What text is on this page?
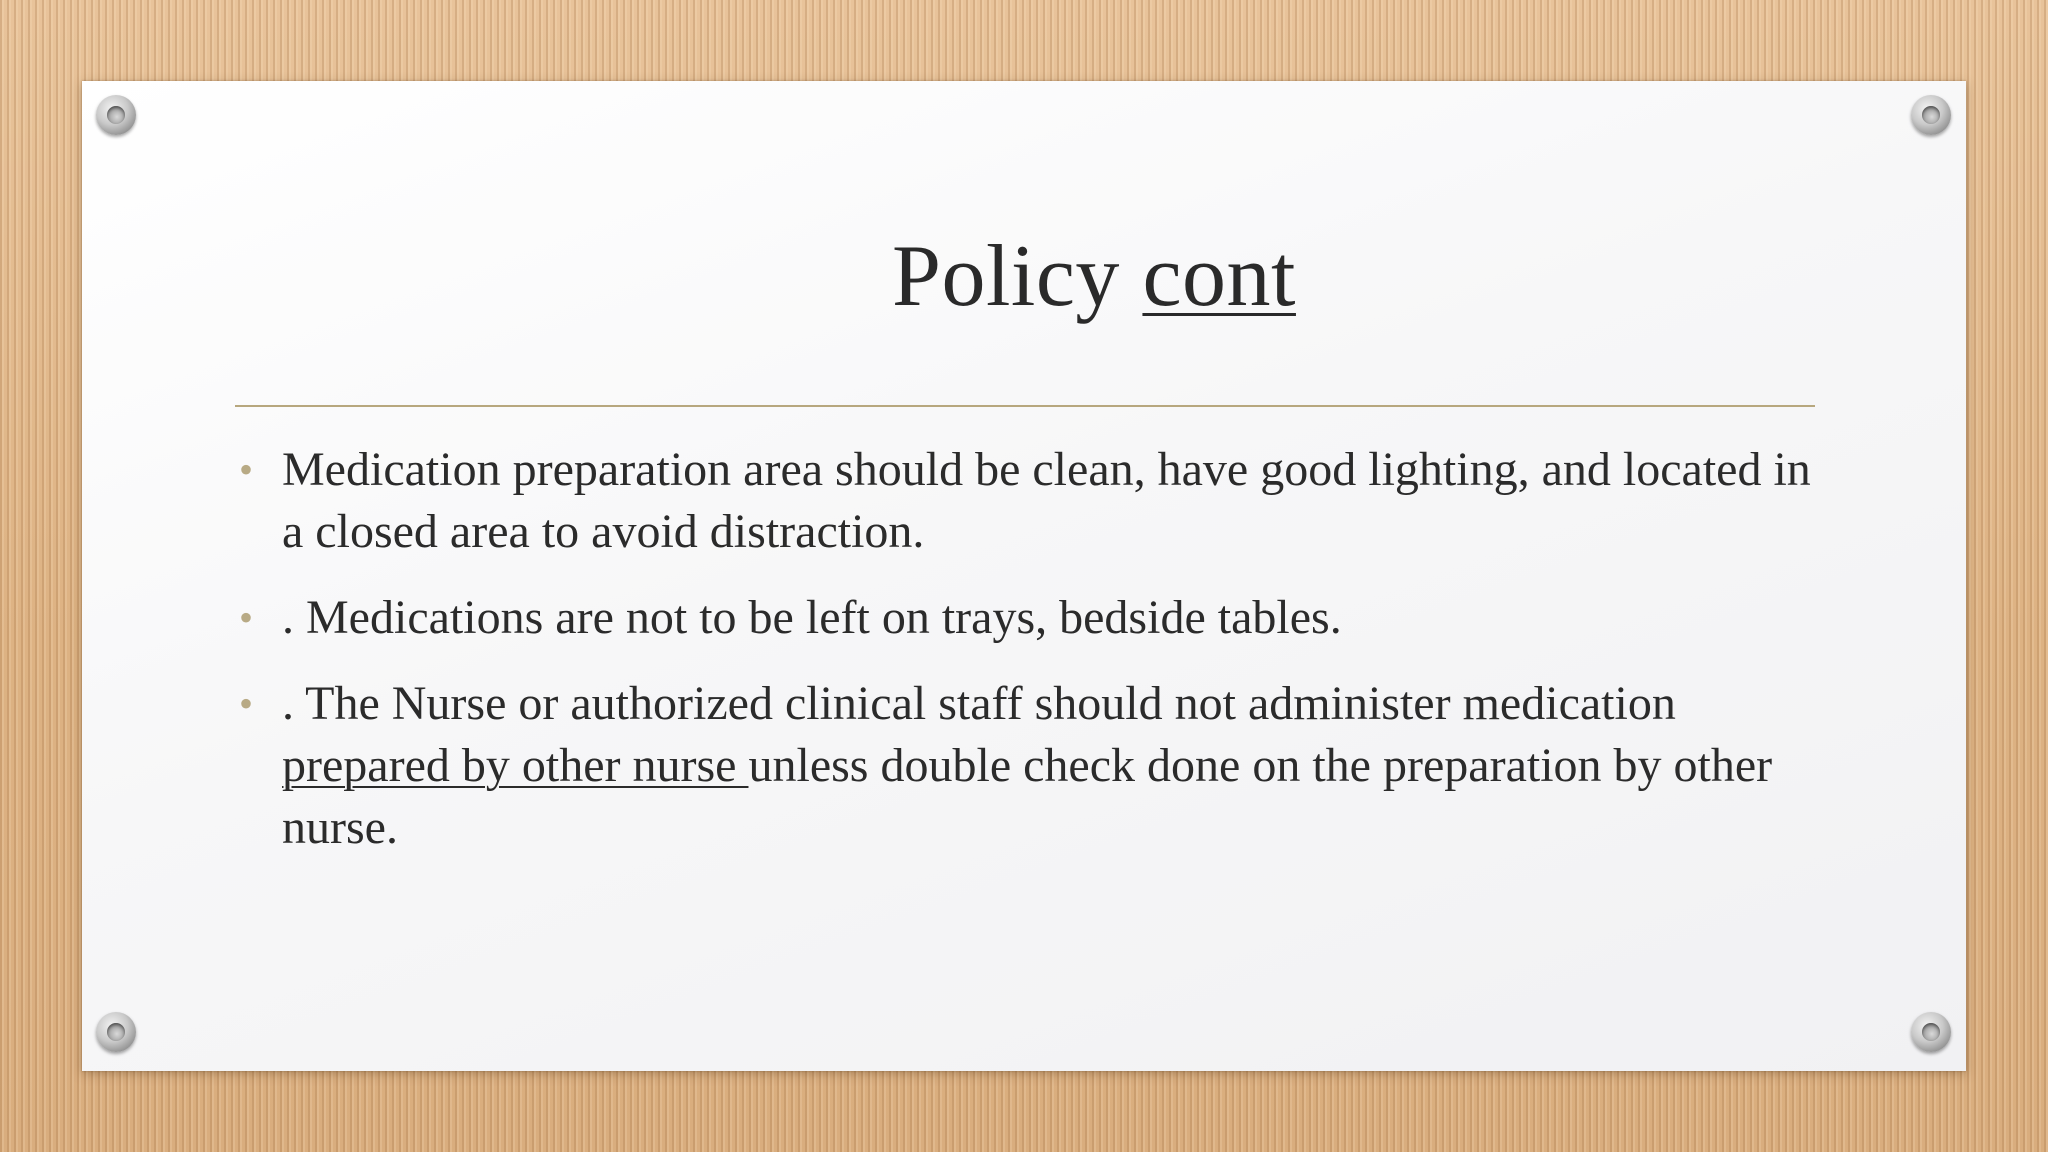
Policy cont
• Medication preparation area should be clean, have good lighting, and located in a closed area to avoid distraction.
• . Medications are not to be left on trays, bedside tables.
• . The Nurse or authorized clinical staff should not administer medication prepared by other nurse unless double check done on the preparation by other nurse.
